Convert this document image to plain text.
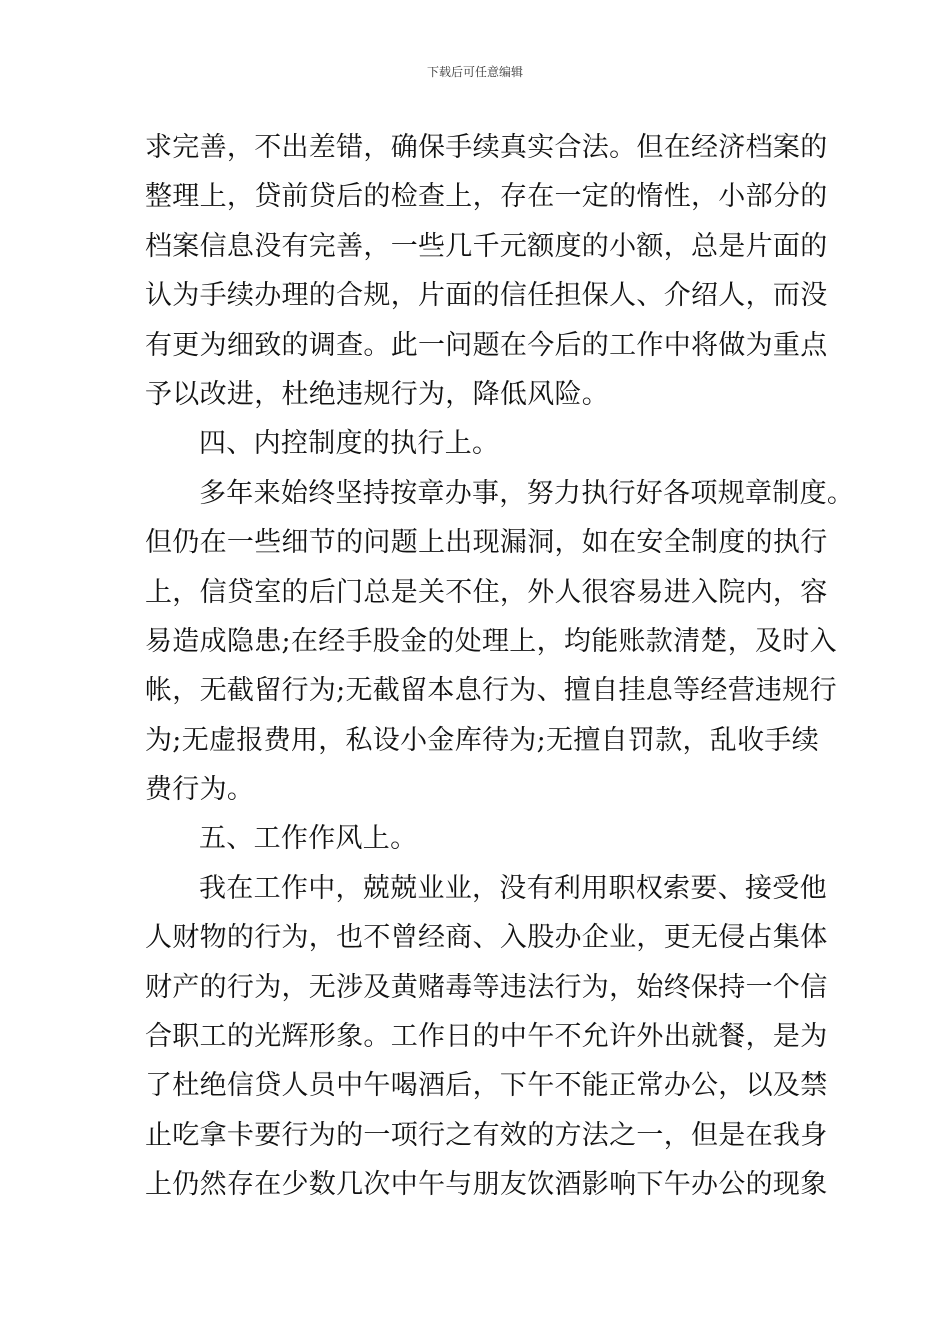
下载后可任意编辑
求完善，不出差错，确保手续真实合法。但在经济档案的
整理上，贷前贷后的检查上，存在一定的惰性，小部分的
档案信息没有完善，一些几千元额度的小额，总是片面的
认为手续办理的合规，片面的信任担保人、介绍人，而没
有更为细致的调查。此一问题在今后的工作中将做为重点
予以改进，杜绝违规行为，降低风险。
四、内控制度的执行上。
多年来始终坚持按章办事，努力执行好各项规章制度。
但仍在一些细节的问题上出现漏洞，如在安全制度的执行
上，信贷室的后门总是关不住，外人很容易进入院内，容
易造成隐患;在经手股金的处理上，均能账款清楚，及时入
帐，无截留行为;无截留本息行为、擅自挂息等经营违规行
为;无虚报费用，私设小金库待为;无擅自罚款，乱收手续
费行为。
五、工作作风上。
我在工作中，兢兢业业，没有利用职权索要、接受他
人财物的行为，也不曾经商、入股办企业，更无侵占集体
财产的行为，无涉及黄赌毒等违法行为，始终保持一个信
合职工的光辉形象。工作日的中午不允许外出就餐，是为
了杜绝信贷人员中午喝酒后，下午不能正常办公，以及禁
止吃拿卡要行为的一项行之有效的方法之一，但是在我身
上仍然存在少数几次中午与朋友饮酒影响下午办公的现象
